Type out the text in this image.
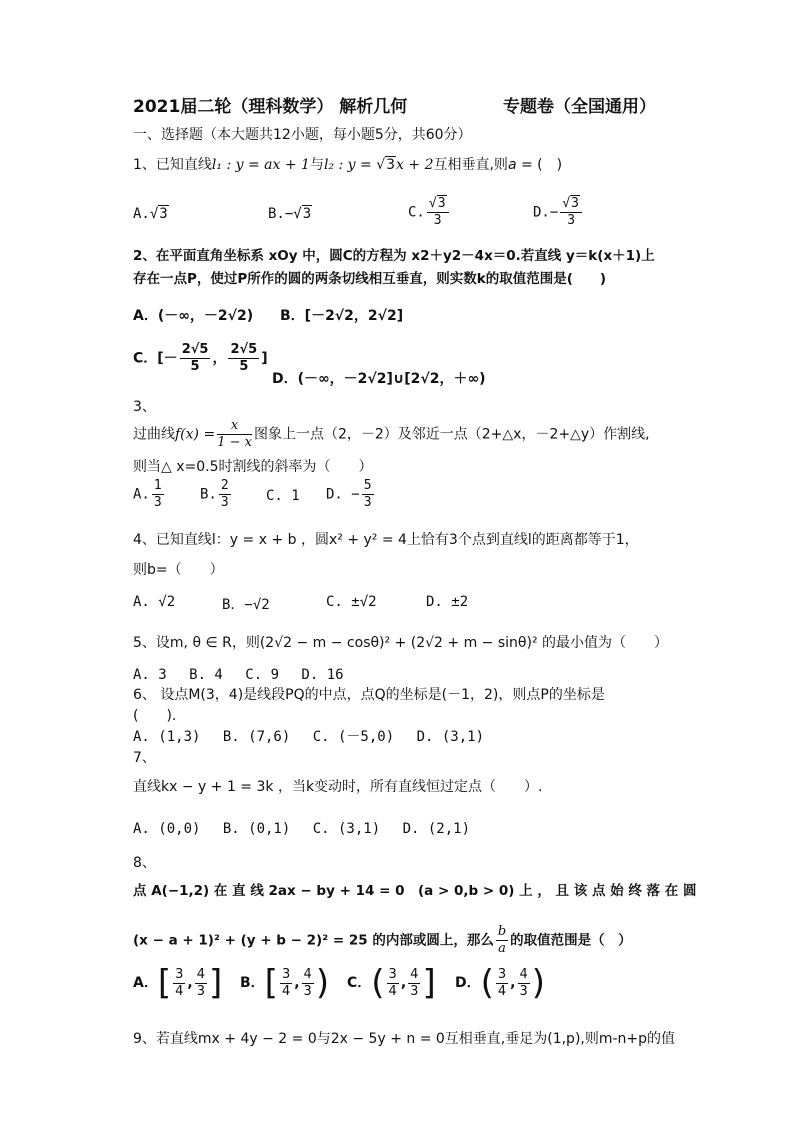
2021届二轮（理科数学） 解析几何	专题卷（全国通用）
一、选择题（本大题共12小题，每小题5分，共60分）
1、已知直线l₁ : y = ax + 1与l₂ : y = √3x + 2互相垂直,则a = (　)
A.√3	B.−√3	C. $\frac{√3}{3}$	$D.- \frac{√3}{3}$
2、在平面直角坐标系 xOy 中，圆C的方程为 x2＋y2－4x＝0.若直线 y＝k(x＋1)上
存在一点P，使过P所作的圆的两条切线相互垂直，则实数k的取值范围是(　　)
A．(－∞，－2√2) B．[－2√2，2√2]
C．[－ $\frac{2√5}{5}$ ， $\frac{2√5}{5}$ ]
D．(－∞，－2√2]∪[2√2，＋∞)
3、
过曲线$f(x) = \frac{x}{1 - x}$ 图象上一点（2，－2）及邻近一点（2+△x，－2+△y）作割线,
则当△ x=0.5时割线的斜率为（　　）
A. $\frac{1}{3}$	B. $\frac{2}{3}$	C. 1 D. − $\frac{5}{3}$
4、已知直线l：y = x + b ，圆x² + y² = 4上恰有3个点到直线l的距离都等于1，
则b=（　　）
A. √2	B．−√2	C. ±√2	D. ±2
5、设m, θ ∈ R，则(2√2 − m − cosθ)² + (2√2 + m − sinθ)² 的最小值为（　　）
A. 3　 B. 4　 C. 9　 D. 16
6、 设点M(3，4)是线段PQ的中点，点Q的坐标是(－1，2)，则点P的坐标是
(　　).
A. (1,3)　 B. (7,6)　 C. (－5,0)　 D. (3,1)
7、
直线kx − y + 1 = 3k ，当k变动时，所有直线恒过定点（　　）.
A. (0,0)　 B. (0,1)　 C. (3,1)　 D. (2,1)
8、
点 A(−1,2) 在 直 线 2ax − by + 14 = 0　(a > 0,b > 0) 上 ， 且 该 点 始 终 落 在 圆
(x − a + 1)² + (y + b − 2)² = 25 的内部或圆上，那么 $\frac{b}{a}$ 的取值范围是（　）
A．[ $\frac{3}{4}$ , $\frac{4}{3}$ ] B．[ $\frac{3}{4}$ , $\frac{4}{3}$ ) C．( $\frac{3}{4}$ , $\frac{4}{3}$ ] D．( $\frac{3}{4}$ , $\frac{4}{3}$ )
9、若直线mx + 4y − 2 = 0与2x − 5y + n = 0互相垂直,垂足为(1,p),则m-n+p的值
